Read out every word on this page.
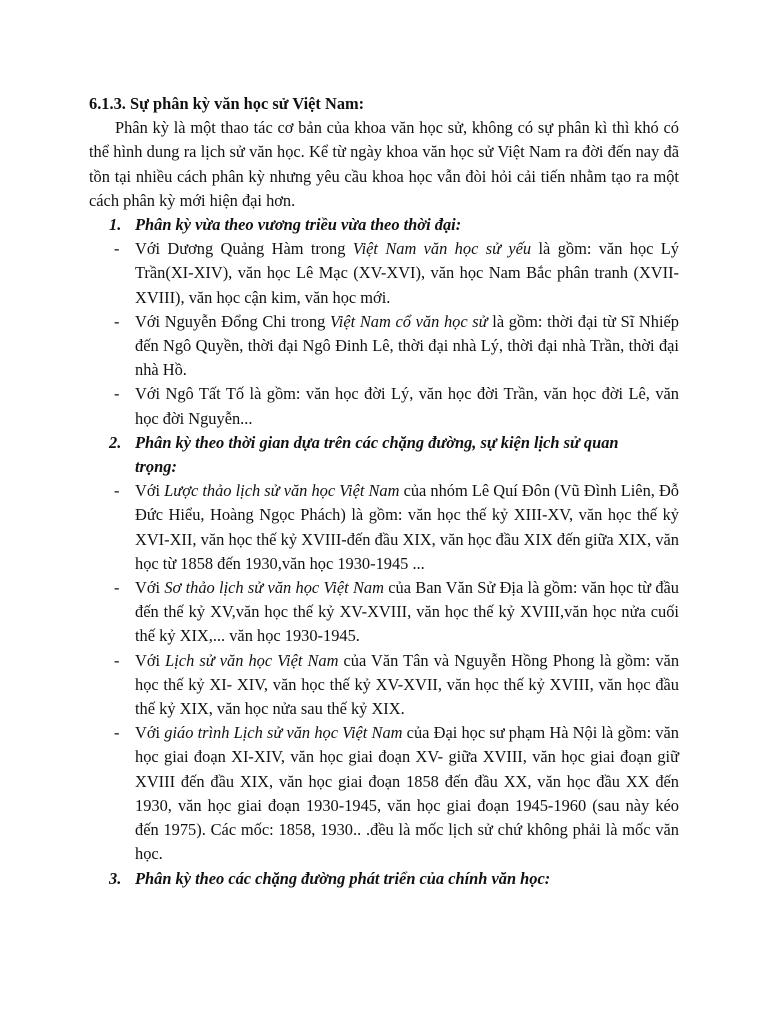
6.1.3. Sự phân kỳ văn học sử Việt Nam:

Phân kỳ là một thao tác cơ bản của khoa văn học sử, không có sự phân kì thì khó có thể hình dung ra lịch sử văn học. Kể từ ngày khoa văn học sử Việt Nam ra đời đến nay đã tồn tại nhiều cách phân kỳ nhưng yêu cầu khoa học vẫn đòi hỏi cải tiến nhằm tạo ra một cách phân kỳ mới hiện đại hơn.

1. Phân kỳ vừa theo vương triều vừa theo thời đại:

- Với Dương Quảng Hàm trong Việt Nam văn học sử yếu là gồm: văn học Lý Trần(XI-XIV), văn học Lê Mạc (XV-XVI), văn học Nam Bắc phân tranh (XVII-XVIII), văn học cận kim, văn học mới.

- Với Nguyễn Đổng Chi trong Việt Nam cổ văn học sử là gồm: thời đại từ Sĩ Nhiếp đến Ngô Quyền, thời đại Ngô Đinh Lê, thời đại nhà Lý, thời đại nhà Trần, thời đại nhà Hồ.

- Với Ngô Tất Tố là gồm: văn học đời Lý, văn học đời Trần, văn học đời Lê, văn học đời Nguyễn...

2. Phân kỳ theo thời gian dựa trên các chặng đường, sự kiện lịch sử quan
trọng:

- Với Lược thảo lịch sử văn học Việt Nam của nhóm Lê Quí Đôn (Vũ Đình Liên, Đỗ Đức Hiểu, Hoàng Ngọc Phách) là gồm: văn học thế kỷ XIII-XV, văn học thế kỷ XVI-XII, văn học thế kỷ XVIII-đến đầu XIX, văn học đầu XIX đến giữa XIX, văn học từ 1858 đến 1930,văn học 1930-1945 ...

- Với Sơ thảo lịch sử văn học Việt Nam của Ban Văn Sử Địa là gồm: văn học từ đầu đến thế kỷ XV,văn học thế kỷ XV-XVIII, văn học thế kỷ XVIII,văn học nửa cuối thế kỷ XIX,... văn học 1930-1945.

- Với Lịch sử văn học Việt Nam của Văn Tân và Nguyễn Hồng Phong là gồm: văn học thế kỷ XI- XIV, văn học thế kỷ XV-XVII, văn học thế kỷ XVIII, văn học đầu thế kỷ XIX, văn học nửa sau thế kỷ XIX.

- Với giáo trình Lịch sử văn học Việt Nam của Đại học sư phạm Hà Nội là gồm: văn học giai đoạn XI-XIV, văn học giai đoạn XV- giữa XVIII, văn học giai đoạn giữ XVIII đến đầu XIX, văn học giai đoạn 1858 đến đầu XX, văn học đầu XX đến 1930, văn học giai đoạn 1930-1945, văn học giai đoạn 1945-1960 (sau này kéo đến 1975). Các mốc: 1858, 1930.. .đều là mốc lịch sử chứ không phải là mốc văn học.

3. Phân kỳ theo các chặng đường phát triển của chính văn học:
